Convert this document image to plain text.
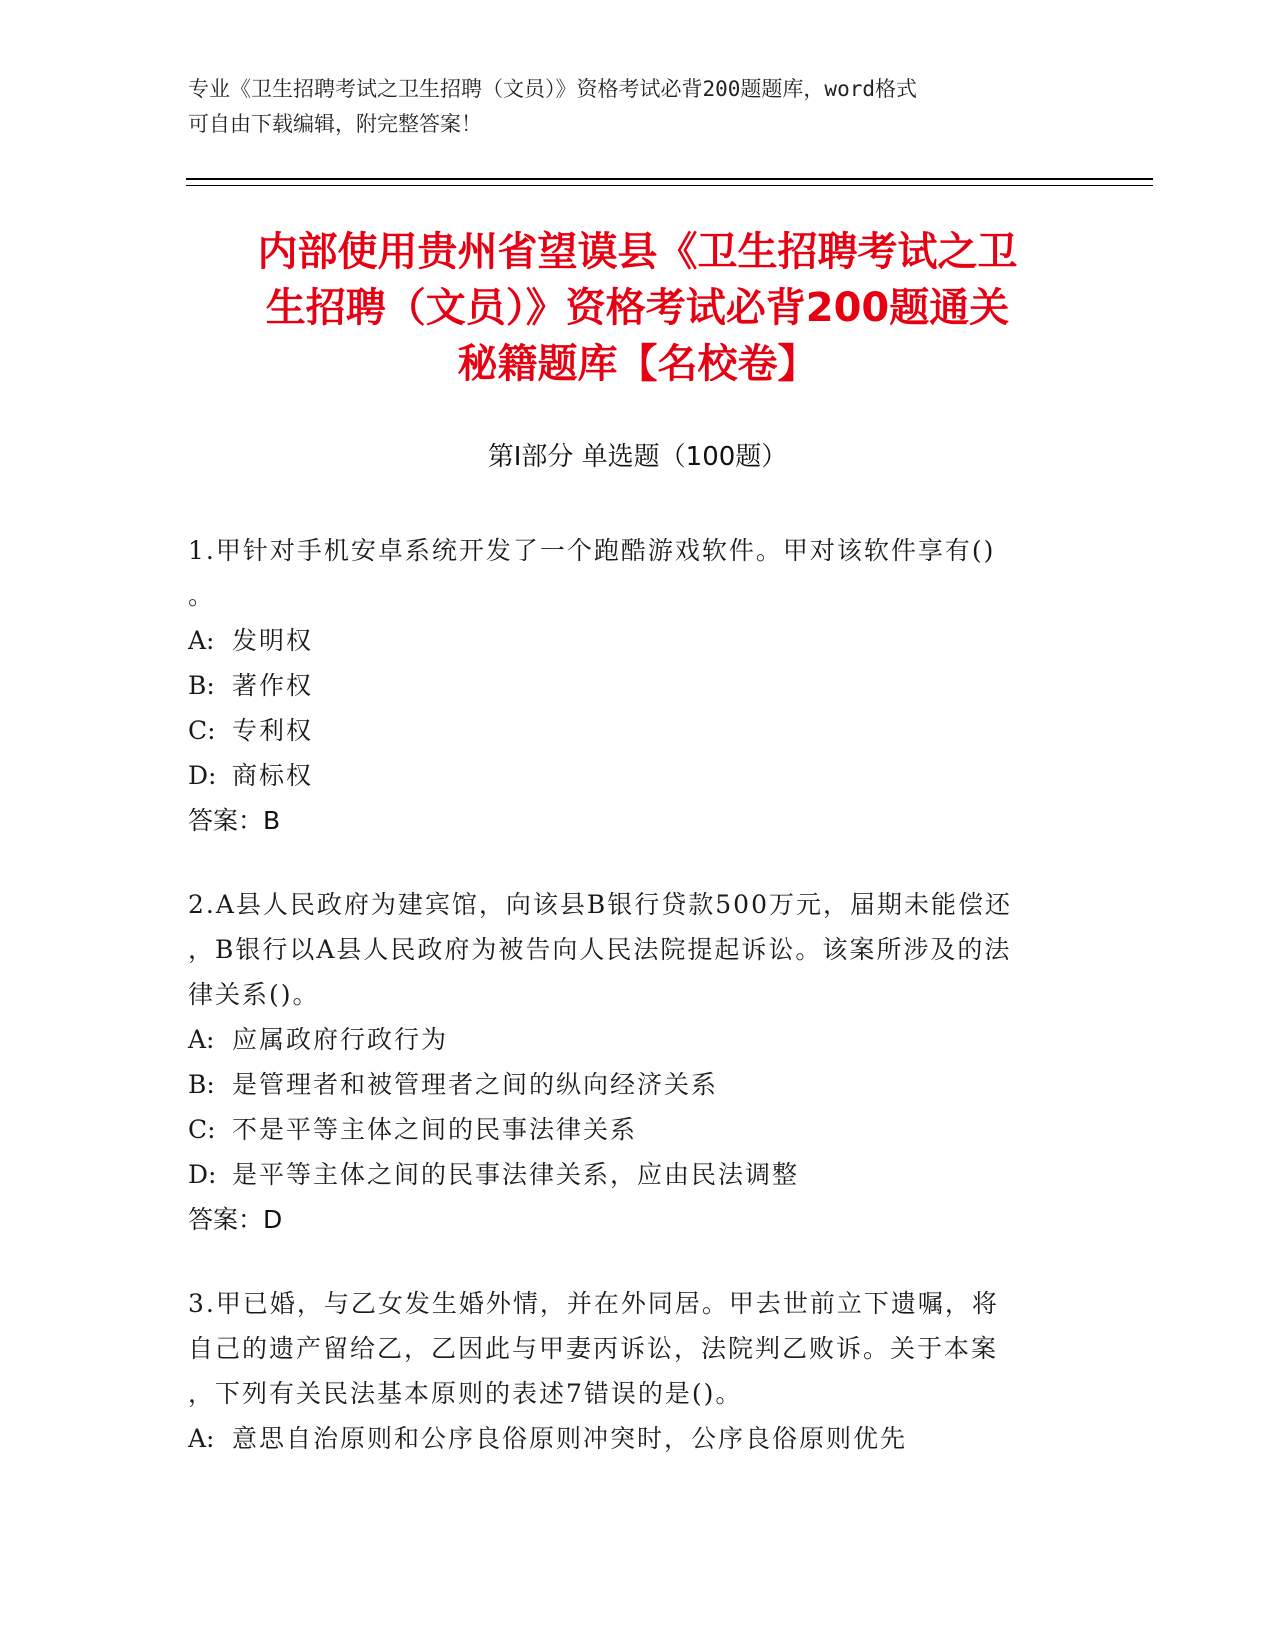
专业《卫生招聘考试之卫生招聘（文员）》资格考试必背200题题库，word格式
可自由下载编辑，附完整答案！
内部使用贵州省望谟县《卫生招聘考试之卫
生招聘（文员）》资格考试必背200题通关
秘籍题库【名校卷】
第Ⅰ部分 单选题（100题）
1.甲针对手机安卓系统开发了一个跑酷游戏软件。甲对该软件享有()
。
A: 发明权
B: 著作权
C: 专利权
D: 商标权
答案：B
2.A县人民政府为建宾馆，向该县B银行贷款500万元，届期未能偿还
，B银行以A县人民政府为被告向人民法院提起诉讼。该案所涉及的法
律关系()。
A: 应属政府行政行为
B: 是管理者和被管理者之间的纵向经济关系
C: 不是平等主体之间的民事法律关系
D: 是平等主体之间的民事法律关系，应由民法调整
答案：D
3.甲已婚，与乙女发生婚外情，并在外同居。甲去世前立下遗嘱，将
自己的遗产留给乙，乙因此与甲妻丙诉讼，法院判乙败诉。关于本案
，下列有关民法基本原则的表述7错误的是()。
A: 意思自治原则和公序良俗原则冲突时，公序良俗原则优先
